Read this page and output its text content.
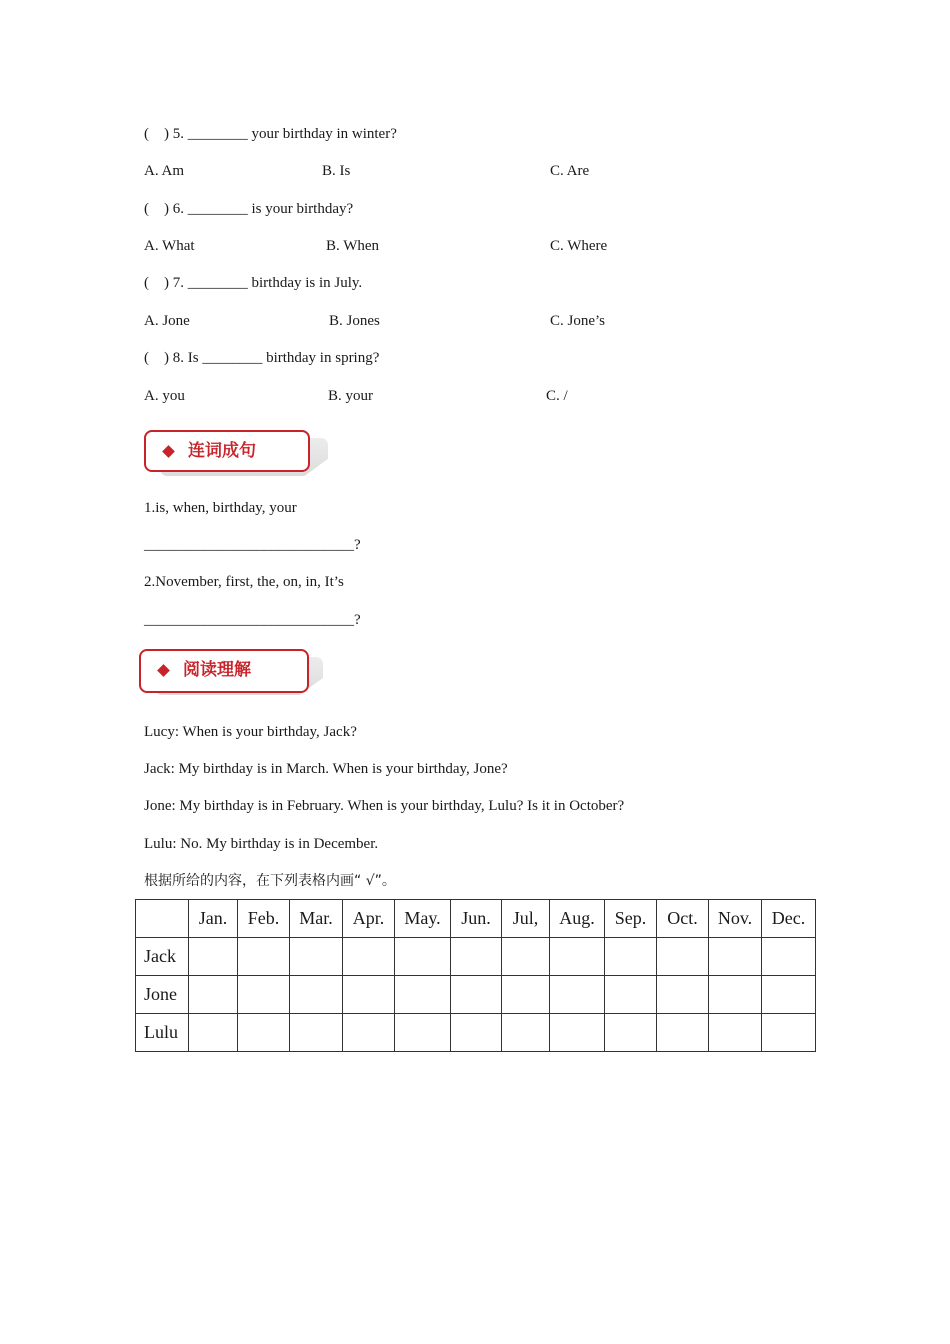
(    ) 5. ________ your birthday in winter?
A. Am	B. Is	C. Are
(    ) 6. ________ is your birthday?
A. What	B. When	C. Where
(    ) 7. ________ birthday is in July.
A. Jone	B. Jones	C. Jone’s
(    ) 8. Is ________ birthday in spring?
A. you	B. your	C. /
连词成句
1.is, when, birthday, your
____________________________?
2.November, first, the, on, in, It’s
____________________________?
阅读理解
Lucy: When is your birthday, Jack?
Jack: My birthday is in March. When is your birthday, Jone?
Jone: My birthday is in February. When is your birthday, Lulu? Is it in October?
Lulu: No. My birthday is in December.
根据所给的内容，在下列表格内画“ √”。
	Jan.	Feb.	Mar.	Apr.	May.	Jun.	Jul,	Aug.	Sep.	Oct.	Nov.	Dec.
Jack												
Jone												
Lulu												
